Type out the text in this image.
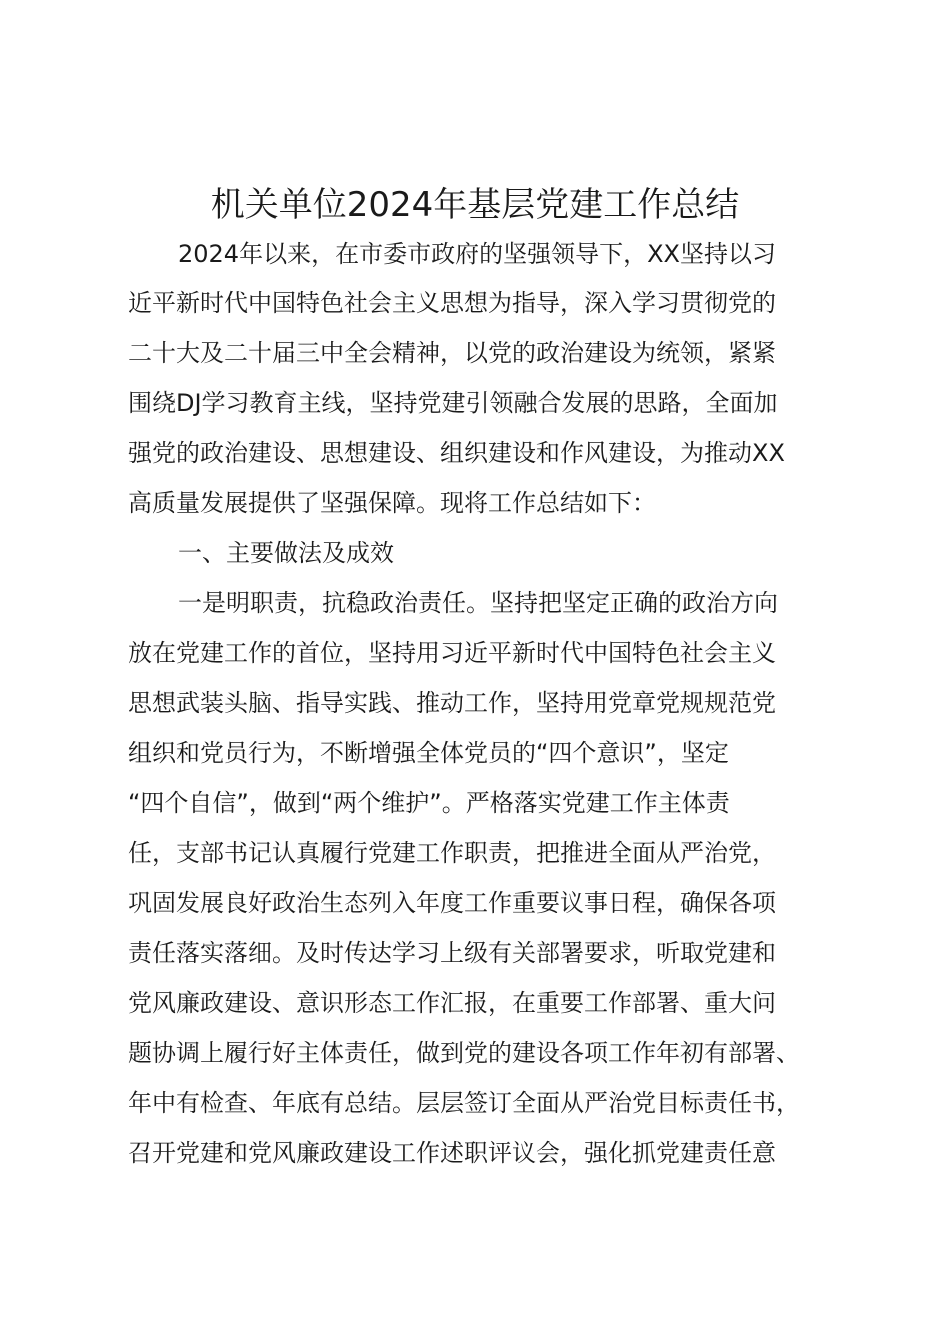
机关单位2024年基层党建工作总结
2024年以来，在市委市政府的坚强领导下，XX坚持以习
近平新时代中国特色社会主义思想为指导，深入学习贯彻党的
二十大及二十届三中全会精神，以党的政治建设为统领，紧紧
围绕DJ学习教育主线，坚持党建引领融合发展的思路，全面加
强党的政治建设、思想建设、组织建设和作风建设，为推动XX
高质量发展提供了坚强保障。现将工作总结如下：
一、主要做法及成效
一是明职责，抗稳政治责任。坚持把坚定正确的政治方向
放在党建工作的首位，坚持用习近平新时代中国特色社会主义
思想武装头脑、指导实践、推动工作，坚持用党章党规规范党
组织和党员行为，不断增强全体党员的“四个意识”，坚定
“四个自信”，做到“两个维护”。严格落实党建工作主体责
任，支部书记认真履行党建工作职责，把推进全面从严治党，
巩固发展良好政治生态列入年度工作重要议事日程，确保各项
责任落实落细。及时传达学习上级有关部署要求，听取党建和
党风廉政建设、意识形态工作汇报，在重要工作部署、重大问
题协调上履行好主体责任，做到党的建设各项工作年初有部署、
年中有检查、年底有总结。层层签订全面从严治党目标责任书，
召开党建和党风廉政建设工作述职评议会，强化抓党建责任意
